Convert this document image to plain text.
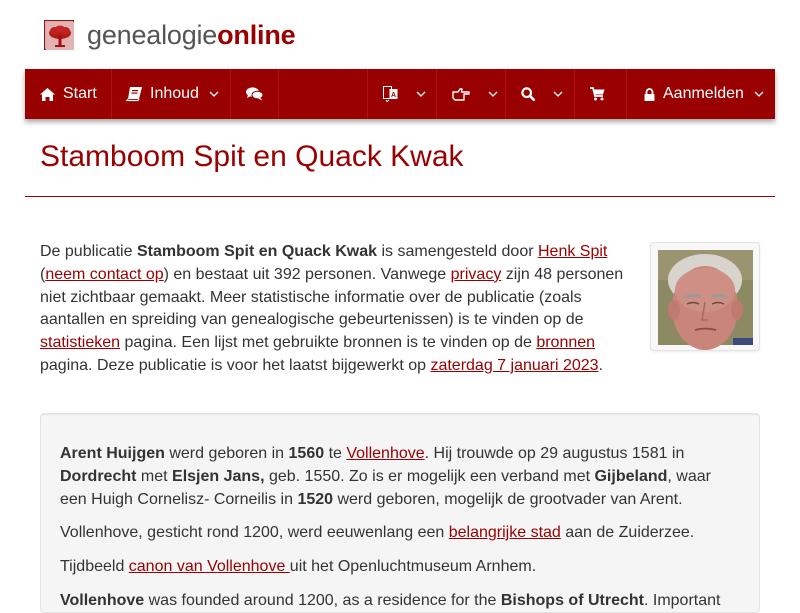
genealogieonline
Start	Inhoud	A	Aanmelden
Stamboom Spit en Quack Kwak

De publicatie Stamboom Spit en Quack Kwak is samengesteld door Henk Spit (neem contact op) en bestaat uit 392 personen. Vanwege privacy zijn 48 personen niet zichtbaar gemaakt. Meer statistische informatie over de publicatie (zoals aantallen en spreiding van genealogische gebeurtenissen) is te vinden op de statistieken pagina. Een lijst met gebruikte bronnen is te vinden op de bronnen pagina. Deze publicatie is voor het laatst bijgewerkt op zaterdag 7 januari 2023.

Arent Huijgen werd geboren in 1560 te Vollenhove. Hij trouwde op 29 augustus 1581 in Dordrecht met Elsjen Jans, geb. 1550. Zo is er mogelijk een verband met Gijbeland, waar een Huigh Cornelisz- Corneilis in 1520 werd geboren, mogelijk de grootvader van Arent.

Vollenhove, gesticht rond 1200, werd eeuwenlang een belangrijke stad aan de Zuiderzee.

Tijdbeeld canon van Vollenhove uit het Openluchtmuseum Arnhem.

Vollenhove was founded around 1200, as a residence for the Bishops of Utrecht. Important
